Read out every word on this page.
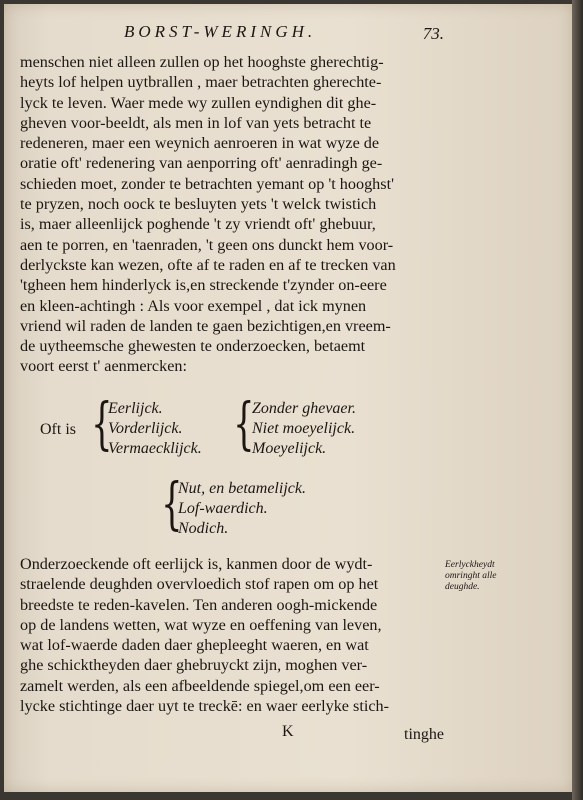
BORST-WERINGH.	73.
menschen niet alleen zullen op het hooghste gherechtig-
heyts lof helpen uytbrallen , maer betrachten gherechte-
lyck te leven. Waer mede wy zullen eyndighen dit ghe-
gheven voor-beeldt, als men in lof van yets betracht te
redeneren, maer een weynich aenroeren in wat wyze de
oratie oft' redenering van aenporring oft' aenradingh ge-
schieden moet, zonder te betrachten yemant op 't hooghst'
te pryzen, noch oock te besluyten yets 't welck twistich
is, maer alleenlijck poghende 't zy vriendt oft' ghebuur,
aen te porren, en 'taenraden, 't geen ons dunckt hem voor-
derlyckste kan wezen, ofte af te raden en af te trecken van
'tgheen hem hinderlyck is,en streckende t'zynder on-eere
en kleen-achtingh : Als voor exempel , dat ick mynen
vriend wil raden de landen te gaen bezichtigen,en vreem-
de uytheemsche ghewesten te onderzoecken, betaemt
voort eerst t' aenmercken:
Oft is {
Eerlijck.
Vorderlijck.
Vermaecklijck. {
Zonder ghevaer.
Niet moeyelijck.
Moeyelijck.
{
Nut, en betamelijck.
Lof-waerdich.
Nodich.
Onderzoeckende oft eerlijck is, kanmen door de wydt-
straelende deughden overvloedich stof rapen om op het
breedste te reden-kavelen. Ten anderen oogh-mickende
op de landens wetten, wat wyze en oeffening van leven,
wat lof-waerde daden daer ghepleeght waeren, en wat
ghe schicktheyden daer ghebruyckt zijn, moghen ver-
zamelt werden, als een afbeeldende spiegel,om een eer-
lycke stichtinge daer uyt te treckē: en waer eerlyke stich-
Eerlyckheydt
omringht alle
deughde.
K	tinghe
